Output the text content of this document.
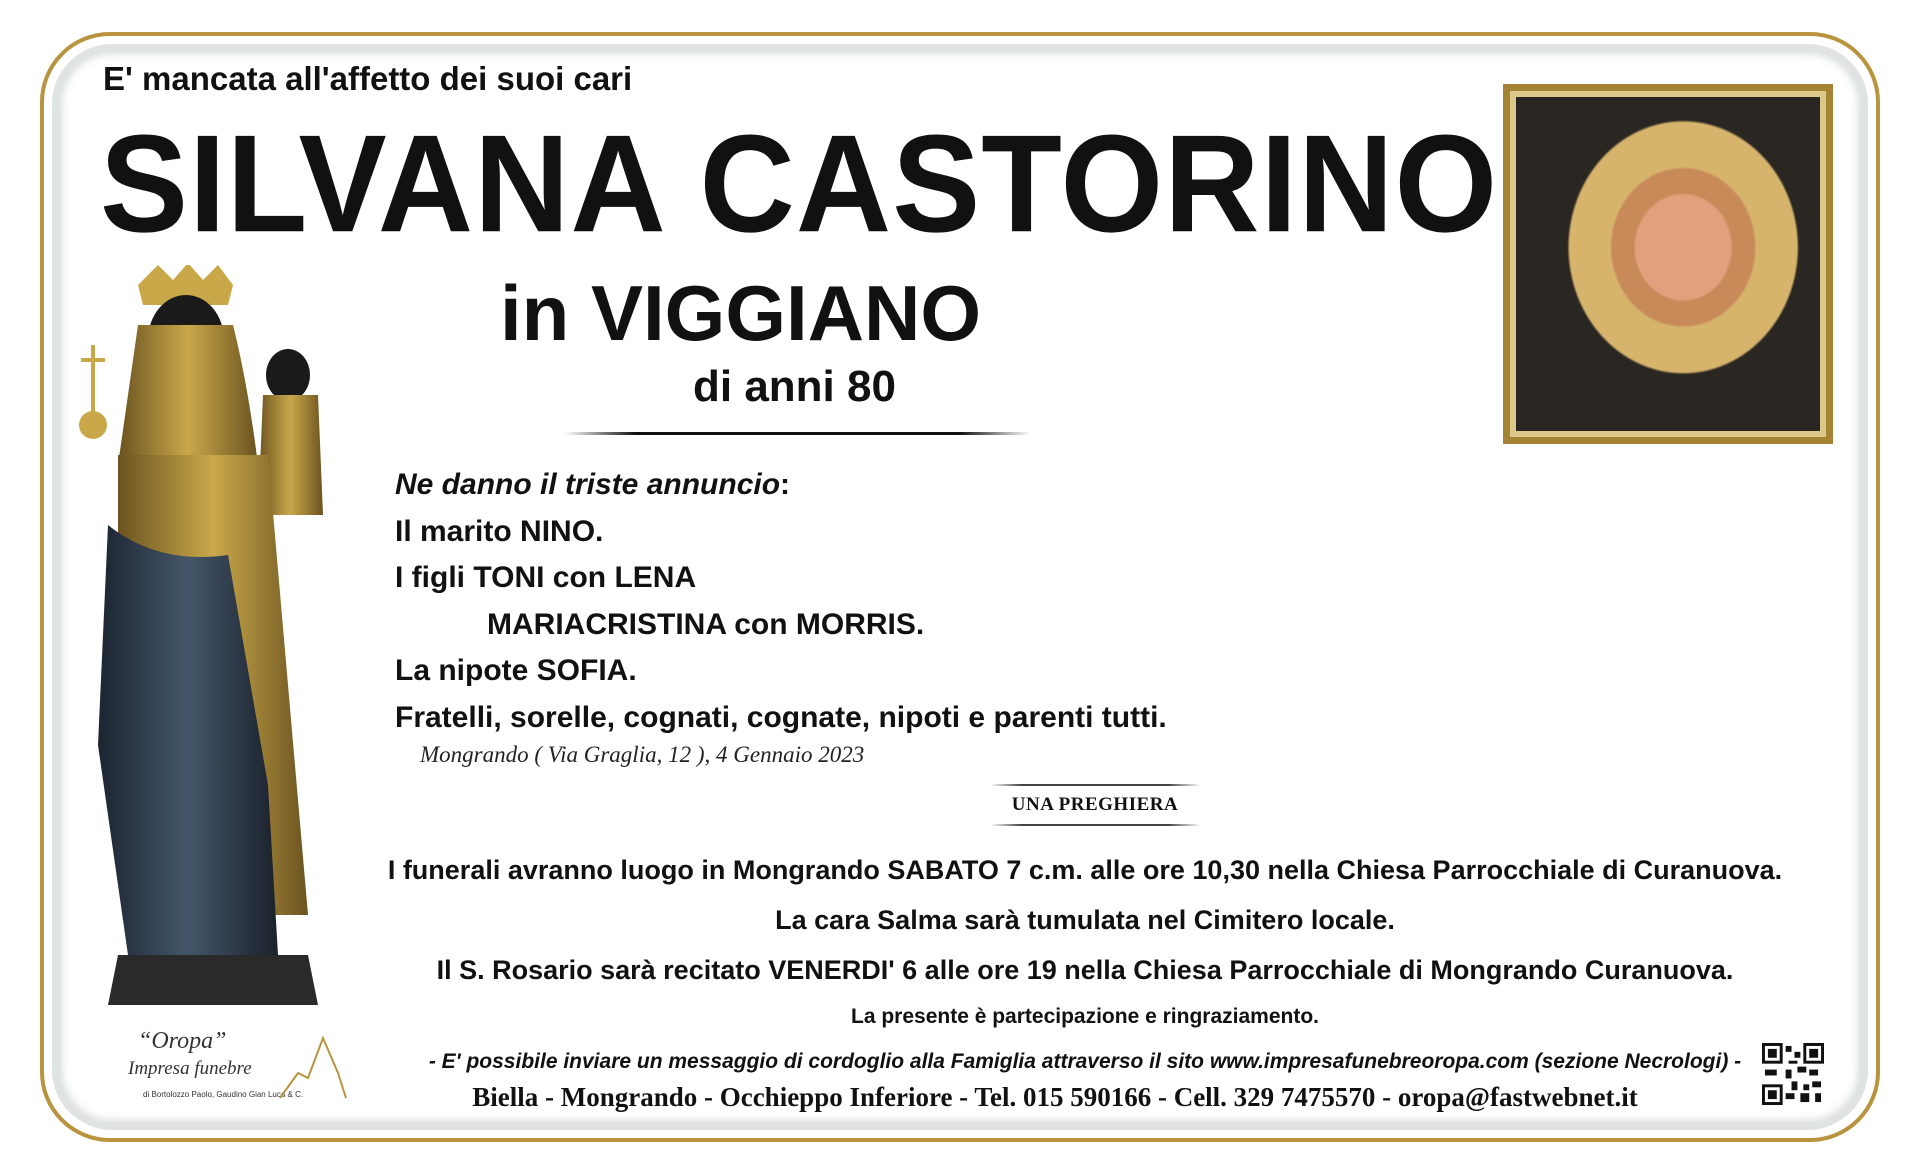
E' mancata all'affetto dei suoi cari
SILVANA CASTORINO
in VIGGIANO
di anni 80
Ne danno il triste annuncio:
Il marito NINO.
I figli TONI con LENA
MARIACRISTINA con MORRIS.
La nipote SOFIA.
Fratelli, sorelle, cognati, cognate, nipoti e parenti tutti.
Mongrando ( Via Graglia, 12 ), 4 Gennaio 2023
UNA PREGHIERA
I funerali avranno luogo in Mongrando SABATO 7 c.m. alle ore 10,30 nella Chiesa Parrocchiale di Curanuova.
La cara Salma sarà tumulata nel Cimitero locale.
Il S. Rosario sarà recitato VENERDI' 6 alle ore 19 nella Chiesa Parrocchiale di Mongrando Curanuova.
La presente è partecipazione e ringraziamento.
- E' possibile inviare un messaggio di cordoglio alla Famiglia attraverso il sito www.impresafunebreoropa.com (sezione Necrologi) -
Biella - Mongrando - Occhieppo Inferiore - Tel. 015 590166 - Cell. 329 7475570 - oropa@fastwebnet.it
“Oropa”
Impresa funebre
di Bortolozzo Paolo, Gaudino Gian Luca & C.
